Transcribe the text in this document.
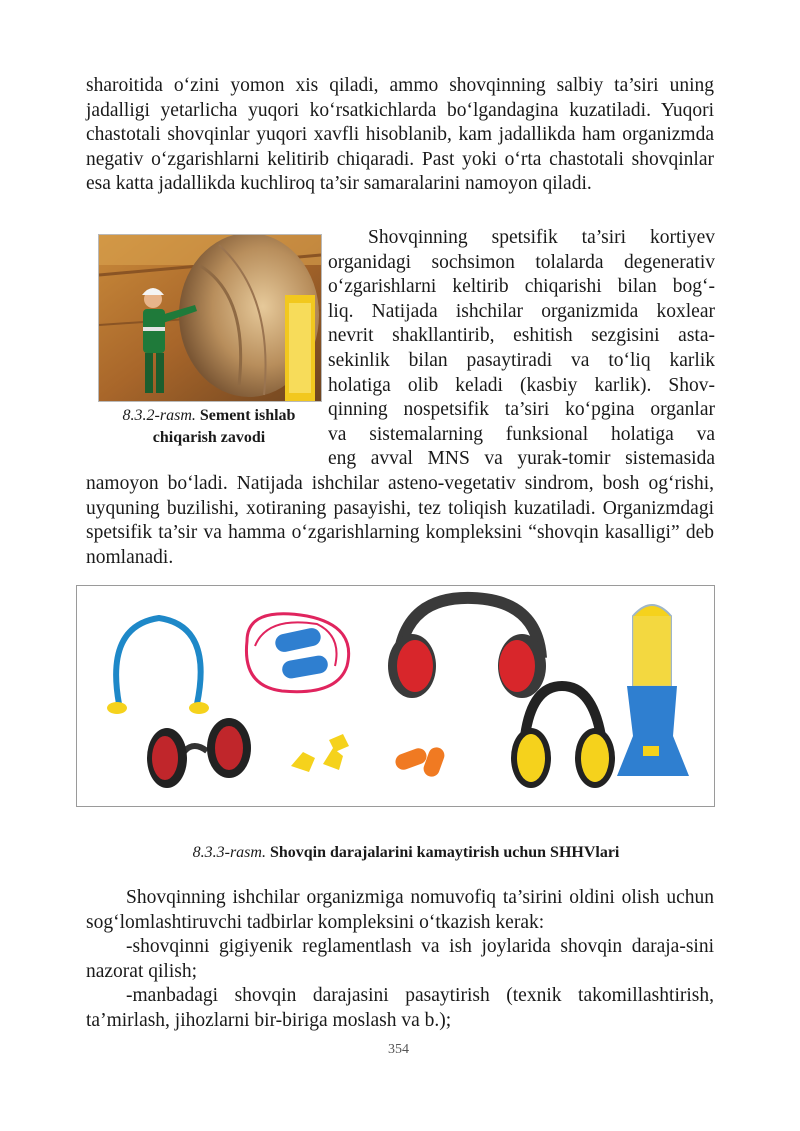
sharoitida o‘zini yomon xis qiladi, ammo shovqinning salbiy ta’siri uning jadalligi yetarlicha yuqori ko‘rsatkichlarda bo‘lgandagina kuzatiladi. Yuqori chastotali shovqinlar yuqori xavfli hisoblanib, kam jadallikda ham organizmda negativ o‘zgarishlarni kelitirib chiqaradi. Past yoki o‘rta chastotali shovqinlar esa katta jadallikda kuchliroq ta’sir samaralarini namoyon qiladi.

8.3.2-rasm. Sement ishlab chiqarish zavodi
Shovqinning spetsifik ta’siri kortiyev
organidagi sochsimon tolalarda degenerativ
o‘zgarishlarni keltirib chiqarishi bilan bog‘-
liq. Natijada ishchilar organizmida koxlear
nevrit shakllantirib, eshitish sezgisini asta-
sekinlik bilan pasaytiradi va to‘liq karlik
holatiga olib keladi (kasbiy karlik). Shov-
qinning nospetsifik ta’siri ko‘pgina organlar
va sistemalarning funksional holatiga va
eng avval MNS va yurak-tomir sistemasida

namoyon bo‘ladi. Natijada ishchilar asteno-vegetativ sindrom, bosh og‘rishi, uyquning buzilishi, xotiraning pasayishi, tez toliqish kuzatiladi. Organizmdagi spetsifik ta’sir va hamma o‘zgarishlarning kompleksini “shovqin kasalligi” deb nomlanadi.

8.3.3-rasm. Shovqin darajalarini kamaytirish uchun SHHVlari

Shovqinning ishchilar organizmiga nomuvofiq ta’sirini oldini olish uchun sog‘lomlashtiruvchi tadbirlar kompleksini o‘tkazish kerak:

-shovqinni gigiyenik reglamentlash va ish joylarida shovqin daraja-sini nazorat qilish;

-manbadagi shovqin darajasini pasaytirish (texnik takomillashtirish, ta’mirlash, jihozlarni bir-biriga moslash va b.);

354
